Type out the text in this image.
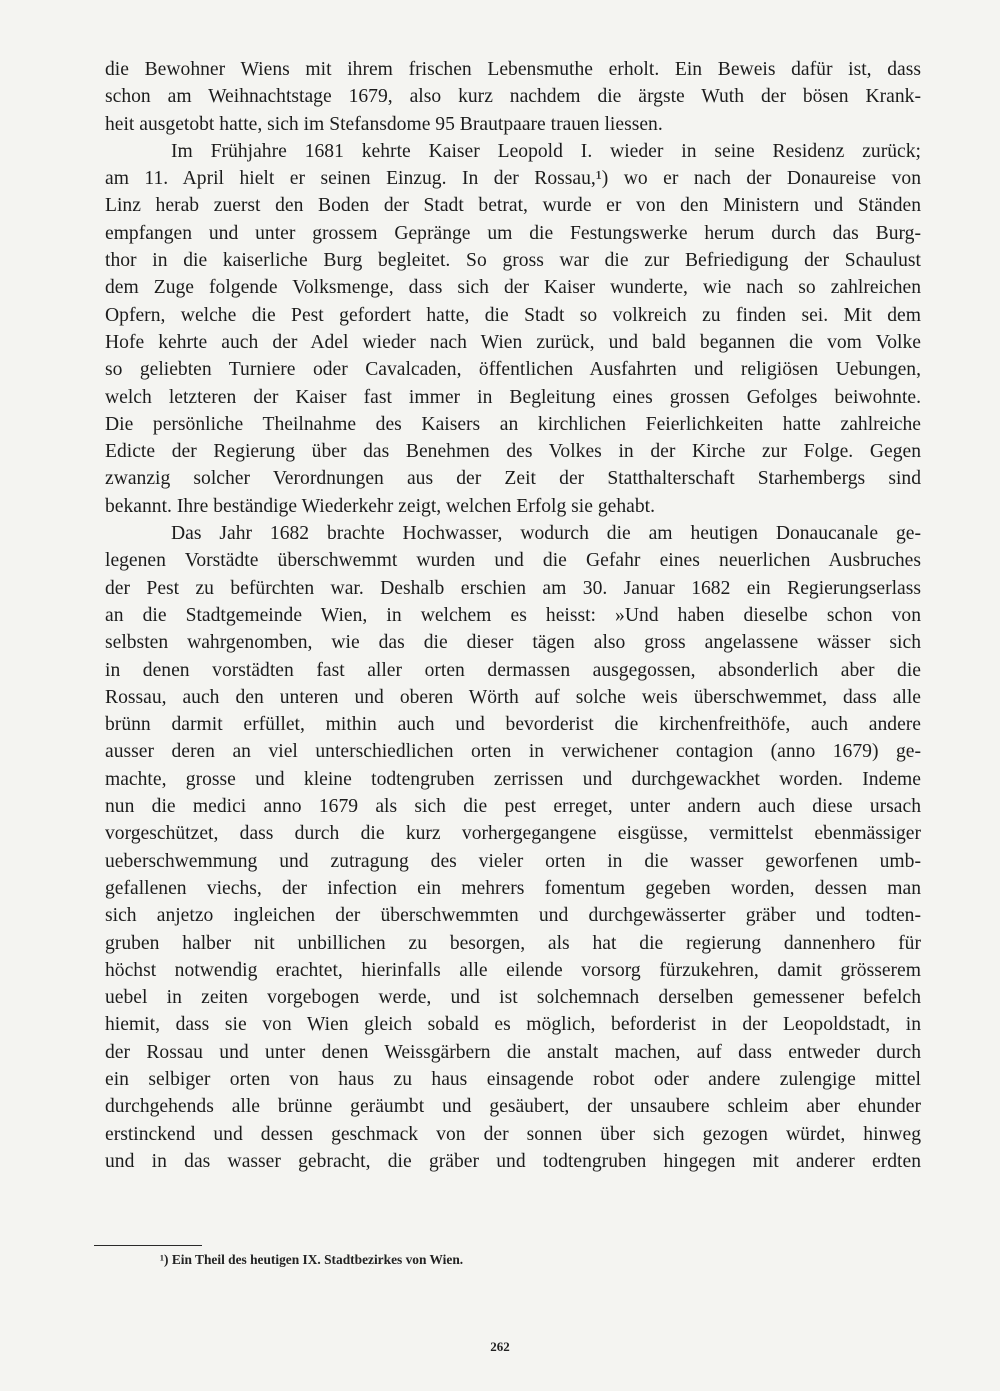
die Bewohner Wiens mit ihrem frischen Lebensmuthe erholt. Ein Beweis dafür ist, dass
schon am Weihnachtstage 1679, also kurz nachdem die ärgste Wuth der bösen Krank-
heit ausgetobt hatte, sich im Stefansdome 95 Brautpaare trauen liessen.
Im Frühjahre 1681 kehrte Kaiser Leopold I. wieder in seine Residenz zurück;
am 11. April hielt er seinen Einzug. In der Rossau,¹) wo er nach der Donaureise von
Linz herab zuerst den Boden der Stadt betrat, wurde er von den Ministern und Ständen
empfangen und unter grossem Gepränge um die Festungswerke herum durch das Burg-
thor in die kaiserliche Burg begleitet. So gross war die zur Befriedigung der Schaulust
dem Zuge folgende Volksmenge, dass sich der Kaiser wunderte, wie nach so zahlreichen
Opfern, welche die Pest gefordert hatte, die Stadt so volkreich zu finden sei. Mit dem
Hofe kehrte auch der Adel wieder nach Wien zurück, und bald begannen die vom Volke
so geliebten Turniere oder Cavalcaden, öffentlichen Ausfahrten und religiösen Uebungen,
welch letzteren der Kaiser fast immer in Begleitung eines grossen Gefolges beiwohnte.
Die persönliche Theilnahme des Kaisers an kirchlichen Feierlichkeiten hatte zahlreiche
Edicte der Regierung über das Benehmen des Volkes in der Kirche zur Folge. Gegen
zwanzig solcher Verordnungen aus der Zeit der Statthalterschaft Starhembergs sind
bekannt. Ihre beständige Wiederkehr zeigt, welchen Erfolg sie gehabt.
Das Jahr 1682 brachte Hochwasser, wodurch die am heutigen Donaucanale ge-
legenen Vorstädte überschwemmt wurden und die Gefahr eines neuerlichen Ausbruches
der Pest zu befürchten war. Deshalb erschien am 30. Januar 1682 ein Regierungserlass
an die Stadtgemeinde Wien, in welchem es heisst: »Und haben dieselbe schon von
selbsten wahrgenomben, wie das die dieser tägen also gross angelassene wässer sich
in denen vorstädten fast aller orten dermassen ausgegossen, absonderlich aber die
Rossau, auch den unteren und oberen Wörth auf solche weis überschwemmet, dass alle
brünn darmit erfüllet, mithin auch und bevorderist die kirchenfreithöfe, auch andere
ausser deren an viel unterschiedlichen orten in verwichener contagion (anno 1679) ge-
machte, grosse und kleine todtengruben zerrissen und durchgewackhet worden. Indeme
nun die medici anno 1679 als sich die pest erreget, unter andern auch diese ursach
vorgeschützet, dass durch die kurz vorhergegangene eisgüsse, vermittelst ebenmässiger
ueberschwemmung und zutragung des vieler orten in die wasser geworfenen umb-
gefallenen viechs, der infection ein mehrers fomentum gegeben worden, dessen man
sich anjetzo ingleichen der überschwemmten und durchgewässerter gräber und todten-
gruben halber nit unbillichen zu besorgen, als hat die regierung dannenhero für
höchst notwendig erachtet, hierinfalls alle eilende vorsorg fürzukehren, damit grösserem
uebel in zeiten vorgebogen werde, und ist solchemnach derselben gemessener befelch
hiemit, dass sie von Wien gleich sobald es möglich, beforderist in der Leopoldstadt, in
der Rossau und unter denen Weissgärbern die anstalt machen, auf dass entweder durch
ein selbiger orten von haus zu haus einsagende robot oder andere zulengige mittel
durchgehends alle brünne geräumbt und gesäubert, der unsaubere schleim aber ehunder
erstinckend und dessen geschmack von der sonnen über sich gezogen würdet, hinweg
und in das wasser gebracht, die gräber und todtengruben hingegen mit anderer erdten
¹) Ein Theil des heutigen IX. Stadtbezirkes von Wien.
262
